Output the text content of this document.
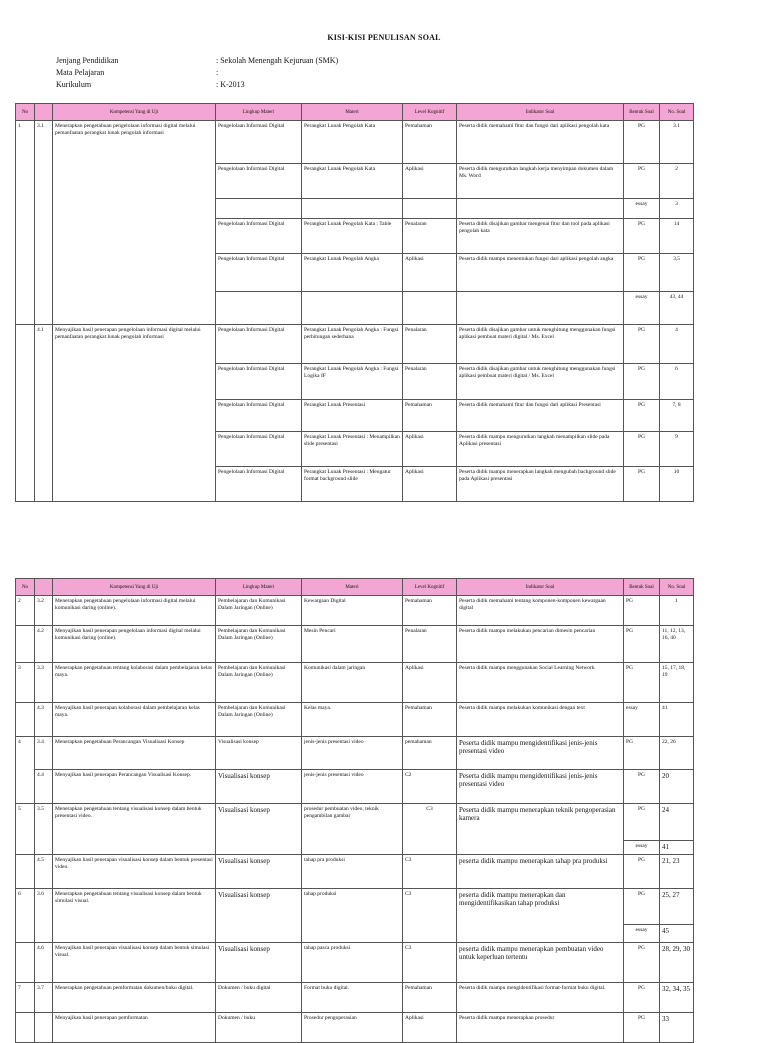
KISI-KISI PENULISAN SOAL
Jenjang Pendidikan	: Sekolah Menengah Kejuruan (SMK)
Mata Pelajaran	:
Kurikulum	: K-2013
No		Kompetensi Yang di Uji	Lingkup Materi	Materi	Level Kognitif	Indikator Soal	Bentuk Soal	No. Soal
1	3.1	Menerapkan pengetahuan pengelolaan informasi digital melalui pemanfaatan perangkat lunak pengolah informasi	Pengelolaan Informasi Digital	Perangkat Lunak Pengolah Kata	Pemahaman	Peserta didik memahami fitur dan fungsi dari aplikasi pengolah kata	PG	3.1
			Pengelolaan Informasi Digital	Perangkat Lunak Pengolah Kata	Aplikasi	Peserta didik mengurutkan langkah kerja menyimpan dokumen dalam Ms. Word	PG	2
							essay	3
			Pengelolaan Informasi Digital	Perangkat Lunak Pengolah Kata : Table	Penalaran	Peserta didik disajikan gambar mengenai fitur dan tool pada aplikasi pengolah kata	PG	14
			Pengelolaan Informasi Digital	Perangkat Lunak Pengolah Angka	Aplikasi	Peserta didik mampu menentukan fungsi dari aplikasi pengolah angka	PG	3,5
							essay	43, 44
	4.1	Menyajikan hasil penerapan pengelolaan informasi digital melalui pemanfaatan perangkat lunak pengolah informasi	Pengelolaan Informasi Digital	Perangkat Lunak Pengolah Angka : Fungsi perhitungan sederhana	Penalaran	Peserta didik disajikan gambar untuk menghitung menggunakan fungsi aplikasi pembuat materi digital / Ms. Excel	PG	4
			Pengelolaan Informasi Digital	Perangkat Lunak Pengolah Angka : Fungsi Logika IF	Penalaran	Peserta didik disajikan gambar untuk menghitung menggunakan fungsi aplikasi pembuat materi digital / Ms. Excel	PG	6
			Pengelolaan Informasi Digital	Perangkat Lunak Presentasi	Pemahaman	Peserta didik memahami fitur dan fungsi dari aplikasi Presentasi	PG	7, 8
			Pengelolaan Informasi Digital	Perangkat Lunak Presentasi : Menampilkan slide presentasi	Aplikasi	Peserta didik mampu mengurutkan langkah menampilkan slide pada Aplikasi presentasi	PG	9
			Pengelolaan Informasi Digital	Perangkat Lunak Presentasi : Mengatur format background slide	Aplikasi	Peserta didik mampu menerapkan langkah mengubah background slide pada Aplikasi presentasi	PG	10
No		Kompetensi Yang di Uji	Lingkup Materi	Materi	Level Kognitif	Indikator Soal	Bentuk Soal	No. Soal
2	3.2	Menerapkan pengetahuan pengelolaan informasi digital melalui komunikasi daring (online).	Pembelajaran dan Komunikasi Dalam Jaringan (Online)	Kewargaan Digital	Pemahaman	Peserta didik memahami tentang komponen-komponen kewargaan digital	PG	1
	4.2	Menyajikan hasil penerapan pengelolaan informasi digital melalui komunikasi daring (online).	Pembelajaran dan Komunikasi Dalam Jaringan (Online)	Mesin Pencari	Penalaran	Peserta didik mampu melakukan pencarian dimesin pencarian	PG	11, 12, 13, 16, 40
3	3.3	Menerapkan pengetahuan tentang kolaborasi dalam pembelajaran kelas maya.	Pembelajaran dan Komunikasi Dalam Jaringan (Online)	Komunikasi dalam jaringan	Aplikasi	Peserta didik mampu menggunakan Social Learning Network	PG	15, 17, 18, 19
	4.3	Menyajikan hasil penerapan kolaborasi dalam pembelajaran kelas maya.	Pembelajaran dan Komunikasi Dalam Jaringan (Online)	Kelas maya.	Pemahaman	Peserta didik mampu melakukan komunikasi dengan text	essay	41
4	3.4	Menerapkan pengetahuan Perancangan Visualisasi Konsep	Visualisasi konsep	jenis-jenis presentasi video	pemahaman	Peserta didik mampu mengidentifikasi jenis-jenis presentasi video	PG	22, 26
	4.4	Menyajikan hasil penerapan Perancangan Visualisasi Konsep.	Visualisasi konsep	jenis-jenis presentasi video	C2	Peserta didik mampu mengidentifikasi jenis-jenis presentasi video	PG	20
5	3.5	Menerapkan pengetahuan tentang visualisasi konsep dalam bentuk presentasi video.	Visualisasi konsep	prosedur pembuatan video, teknik pengambilan gambar	C3	Peserta didik mampu menerapkan teknik pengoperasian kamera	PG	24
							essay	41
	4.5	Menyajikan hasil penerapan visualisasi konsep dalam bentuk presentasi video.	Visualisasi konsep	tahap pra produksi	C3	peserta didik mampu menerapkan tahap pra produksi	PG	21, 23
6	3.6	Menerapkan pengetahuan tentang visualisasi konsep dalam bentuk simulasi visual.	Visualisasi konsep	tahap produksi	C3	peserta didik mampu menerapkan dan mengidentifikasikan tahap produksi	PG	25, 27
							essay	45
	4.6	Menyajikan hasil penerapan visualisasi konsep dalam bentuk simulasi visual.	Visualisasi konsep	tahap pasca produksi	C3	peserta didik mampu menerapkan pembuatan video untuk keperluan tertentu	PG	28, 29, 30
7	3.7	Menerapkan pengetahuan pemformatan dokumen/buku digital.	Dokumen / buku digital	Format buku digital.	Pemahaman	Peserta didik mampu mengidentifikasi format-format buku digital.	PG	32, 34, 35
		Menyajikan hasil penerapan pemformatan	Dokumen / buku	Prosedur pengoperasian	Aplikasi	Peserta didik mampu menerapkan prosedur	PG	33
